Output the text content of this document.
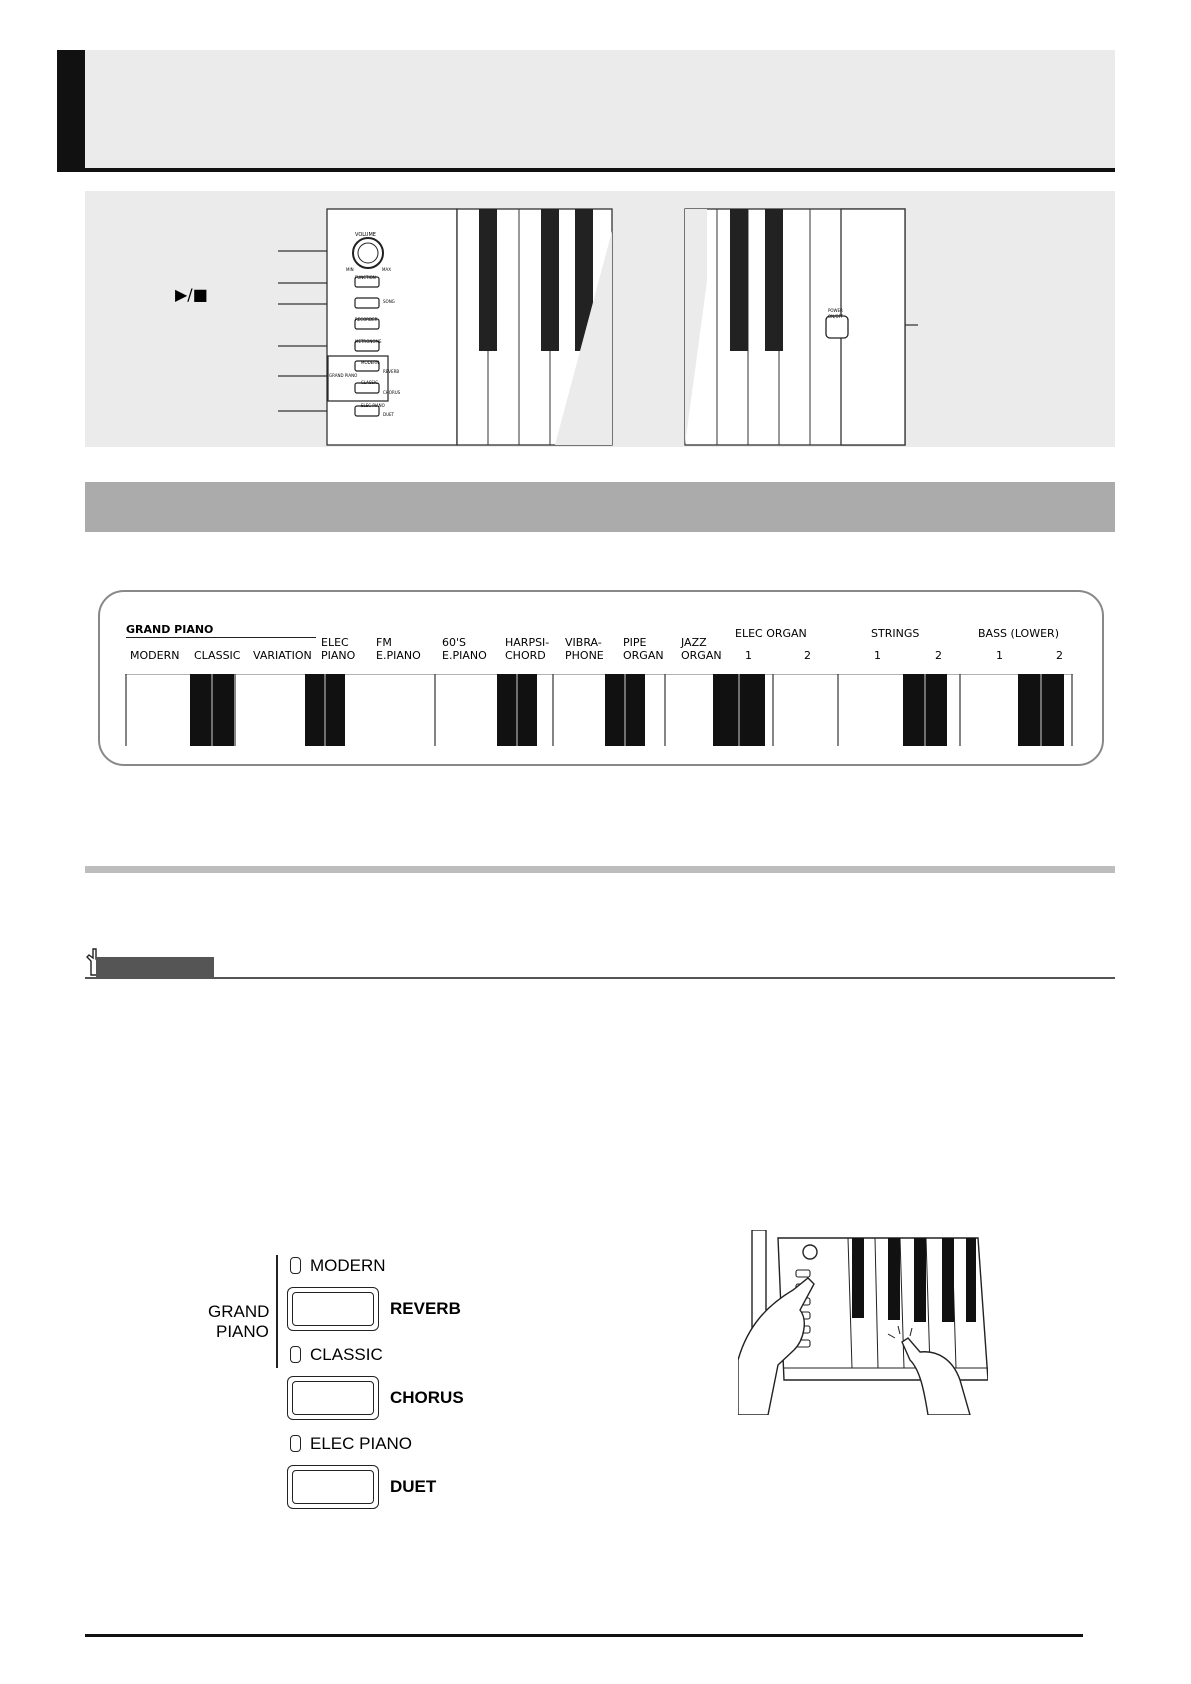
▶/■
VOLUME
MIN	MAX
FUNCTION
SONG
RECORDER
METRONOME
GRAND PIANO
MODERN
REVERB
CLASSIC
CHORUS
ELEC PIANO
DUET
POWER
ON/OFF
GRAND PIANO	ELEC ORGAN	STRINGS	BASS (LOWER)
MODERN CLASSIC VARIATION
ELEC
PIANO
FM
E.PIANO
60'S
E.PIANO
HARPSI-
CHORD
VIBRA-
PHONE
PIPE
ORGAN
JAZZ
ORGAN 1	2	1	2	1	2
GRAND
PIANO
MODERN
REVERB
CLASSIC
CHORUS
ELEC PIANO
DUET
